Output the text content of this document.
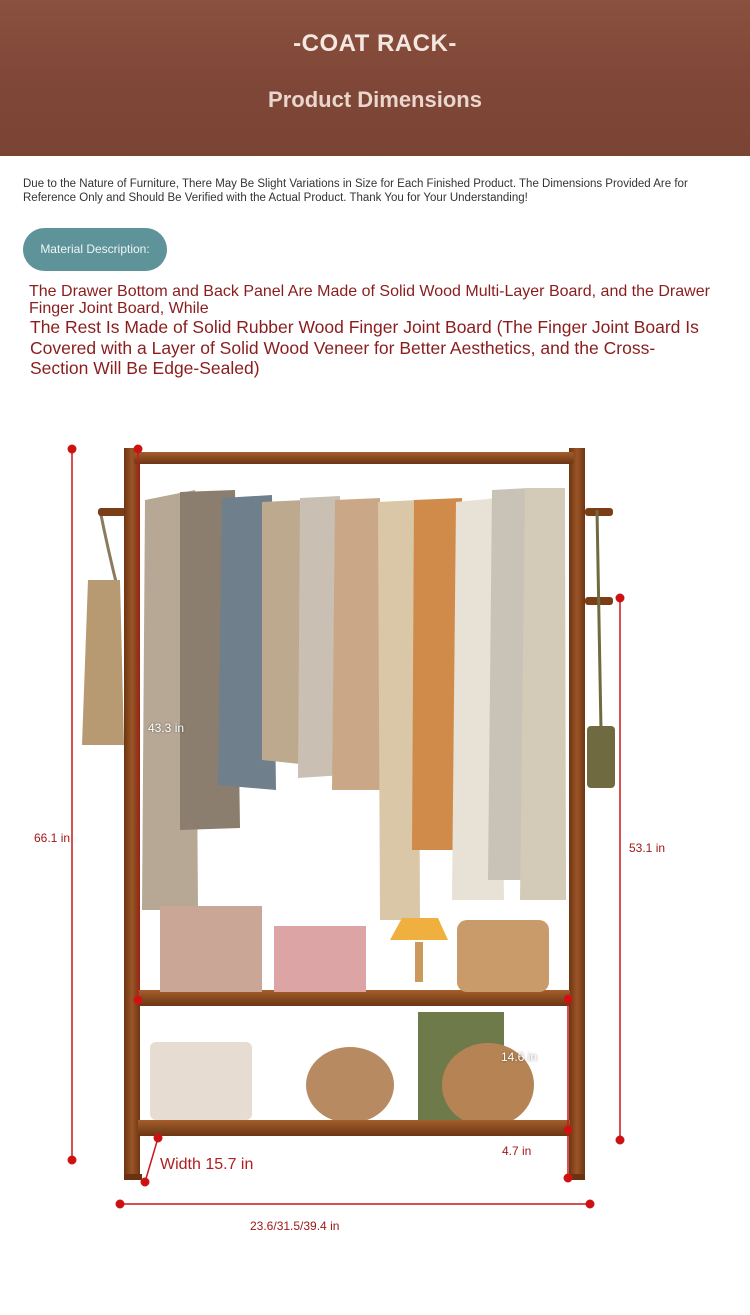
-COAT RACK-
Product Dimensions

Due to the Nature of Furniture, There May Be Slight Variations in Size for Each Finished Product. The Dimensions Provided Are for Reference Only and Should Be Verified with the Actual Product. Thank You for Your Understanding!

Material Description:

The Drawer Bottom and Back Panel Are Made of Solid Wood Multi-Layer Board, and the Drawer Finger Joint Board, While

The Rest Is Made of Solid Rubber Wood Finger Joint Board (The Finger Joint Board Is Covered with a Layer of Solid Wood Veneer for Better Aesthetics, and the Cross-Section Will Be Edge-Sealed)

66.1 in
43.3 in
53.1 in
14.6 in
4.7 in
Width 15.7 in
23.6/31.5/39.4 in
